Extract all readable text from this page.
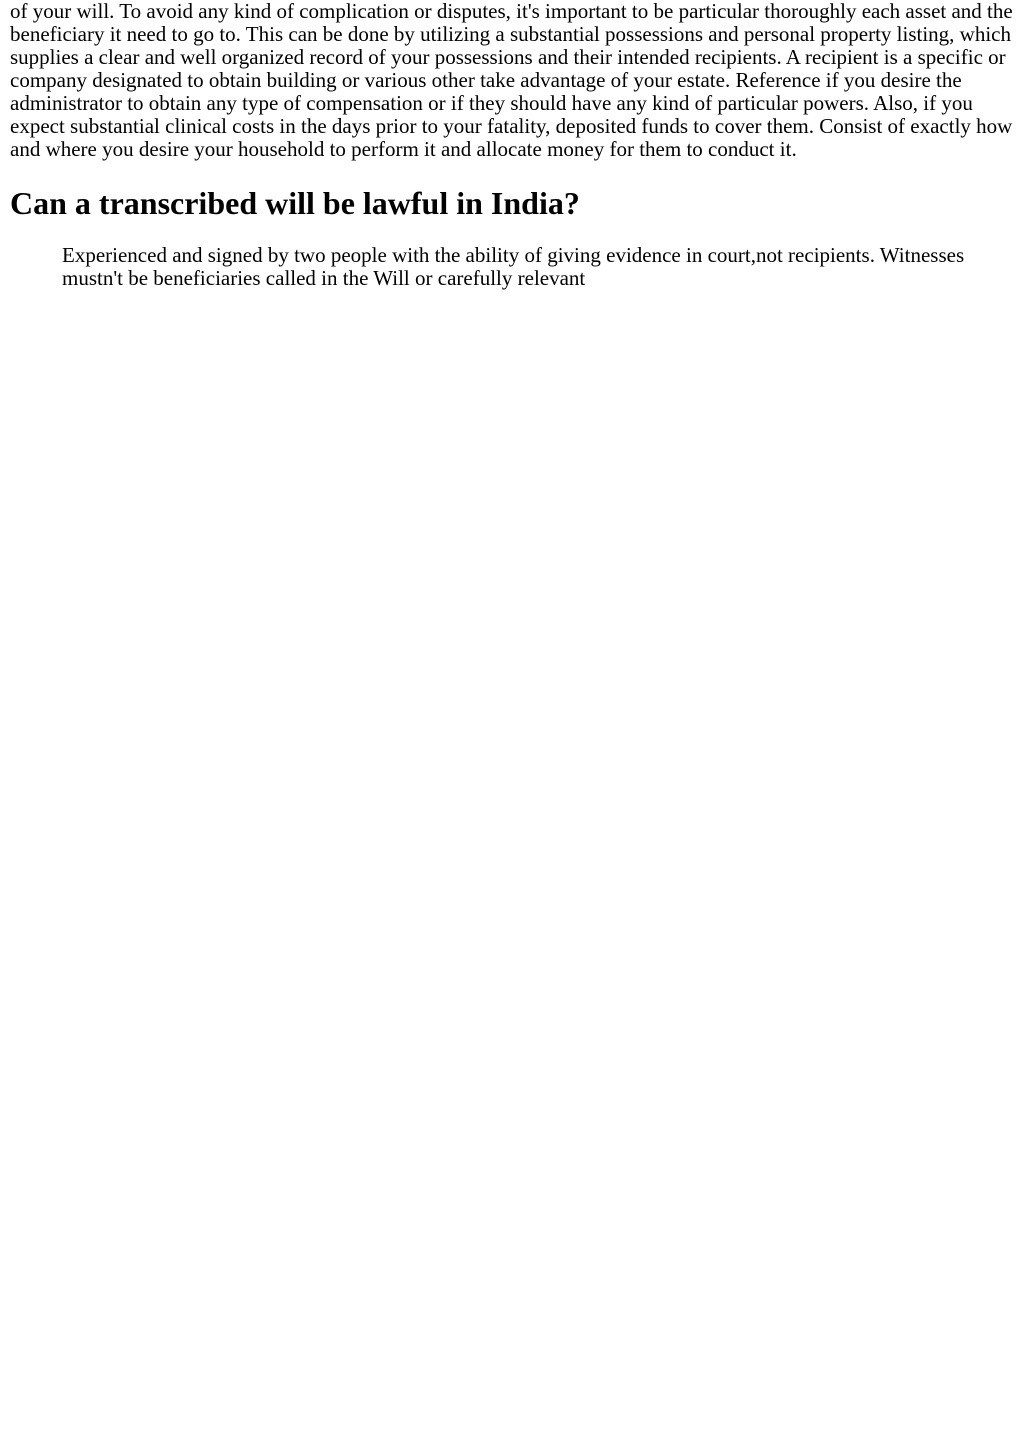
of your will. To avoid any kind of complication or disputes, it's important to be particular thoroughly each asset and the beneficiary it need to go to. This can be done by utilizing a substantial possessions and personal property listing, which supplies a clear and well organized record of your possessions and their intended recipients. A recipient is a specific or company designated to obtain building or various other take advantage of your estate. Reference if you desire the administrator to obtain any type of compensation or if they should have any kind of particular powers. Also, if you expect substantial clinical costs in the days prior to your fatality, deposited funds to cover them. Consist of exactly how and where you desire your household to perform it and allocate money for them to conduct it.

Can a transcribed will be lawful in India?
Experienced and signed by two people with the ability of giving evidence in court,not recipients. Witnesses mustn't be beneficiaries called in the Will or carefully relevant
